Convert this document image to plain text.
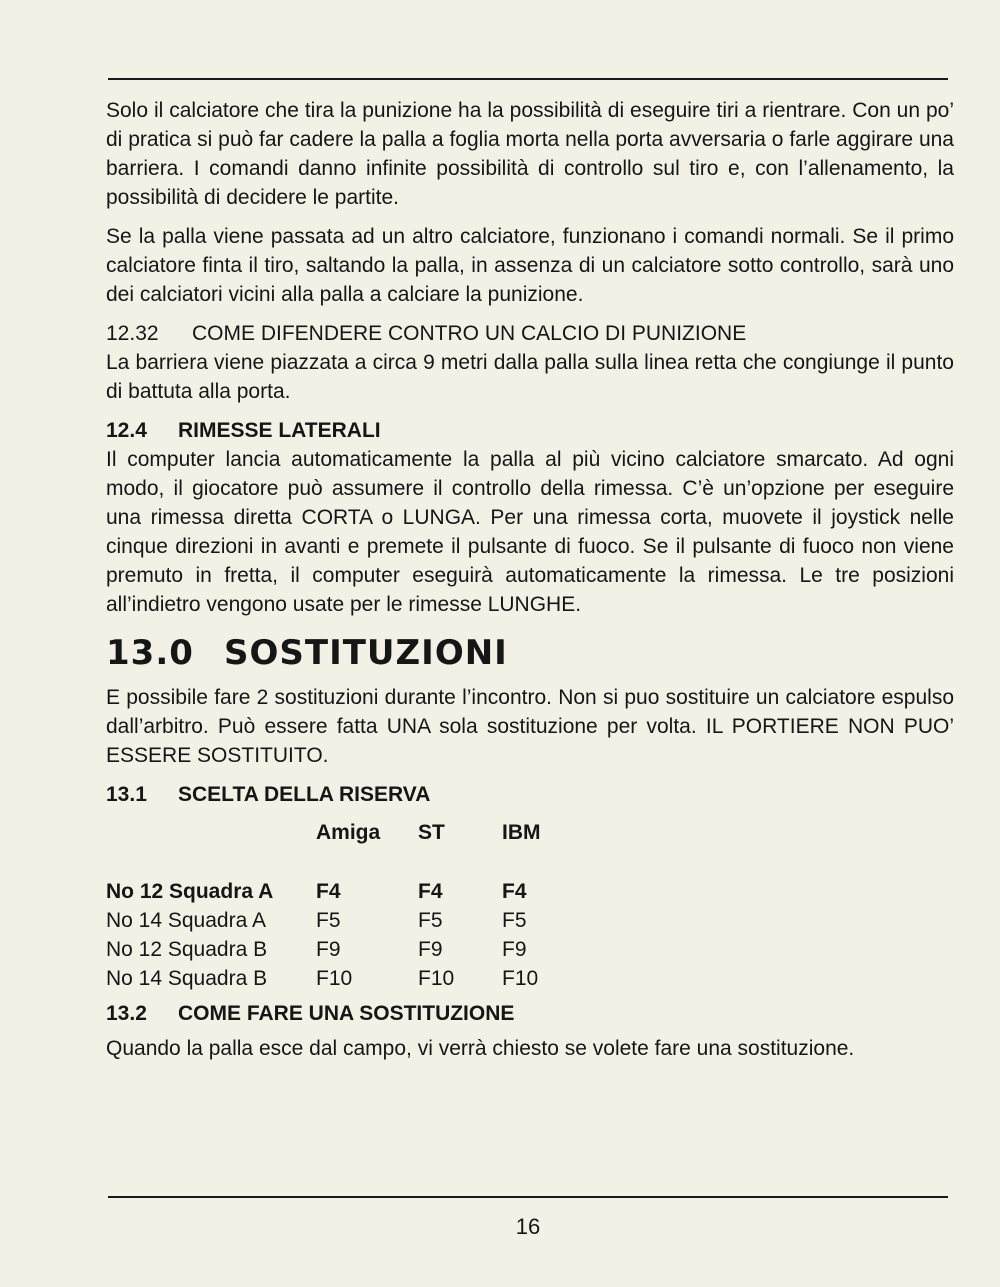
Solo il calciatore che tira la punizione ha la possibilità di eseguire tiri a rientrare. Con un po’ di pratica si può far cadere la palla a foglia morta nella porta avversaria o farle aggirare una barriera. I comandi danno infinite possibilità di controllo sul tiro e, con l’allenamento, la possibilità di decidere le partite.

Se la palla viene passata ad un altro calciatore, funzionano i comandi normali. Se il primo calciatore finta il tiro, saltando la palla, in assenza di un calciatore sotto controllo, sarà uno dei calciatori vicini alla palla a calciare la punizione.

12.32 COME DIFENDERE CONTRO UN CALCIO DI PUNIZIONE

La barriera viene piazzata a circa 9 metri dalla palla sulla linea retta che congiunge il punto di battuta alla porta.

12.4 RIMESSE LATERALI

Il computer lancia automaticamente la palla al più vicino calciatore smarcato. Ad ogni modo, il giocatore può assumere il controllo della rimessa. C’è un’opzione per eseguire una rimessa diretta CORTA o LUNGA. Per una rimessa corta, muovete il joystick nelle cinque direzioni in avanti e premete il pulsante di fuoco. Se il pulsante di fuoco non viene premuto in fretta, il computer eseguirà automaticamente la rimessa. Le tre posizioni all’indietro vengono usate per le rimesse LUNGHE.

13.0 SOSTITUZIONI

E possibile fare 2 sostituzioni durante l’incontro. Non si puo sostituire un calciatore espulso dall’arbitro. Può essere fatta UNA sola sostituzione per volta. IL PORTIERE NON PUO’ ESSERE SOSTITUITO.

13.1 SCELTA DELLA RISERVA
	Amiga	ST	IBM
No 12 Squadra A	F4	F4	F4
No 14 Squadra A	F5	F5	F5
No 12 Squadra B	F9	F9	F9
No 14 Squadra B	F10	F10	F10
13.2 COME FARE UNA SOSTITUZIONE

Quando la palla esce dal campo, vi verrà chiesto se volete fare una sostituzione.

16
